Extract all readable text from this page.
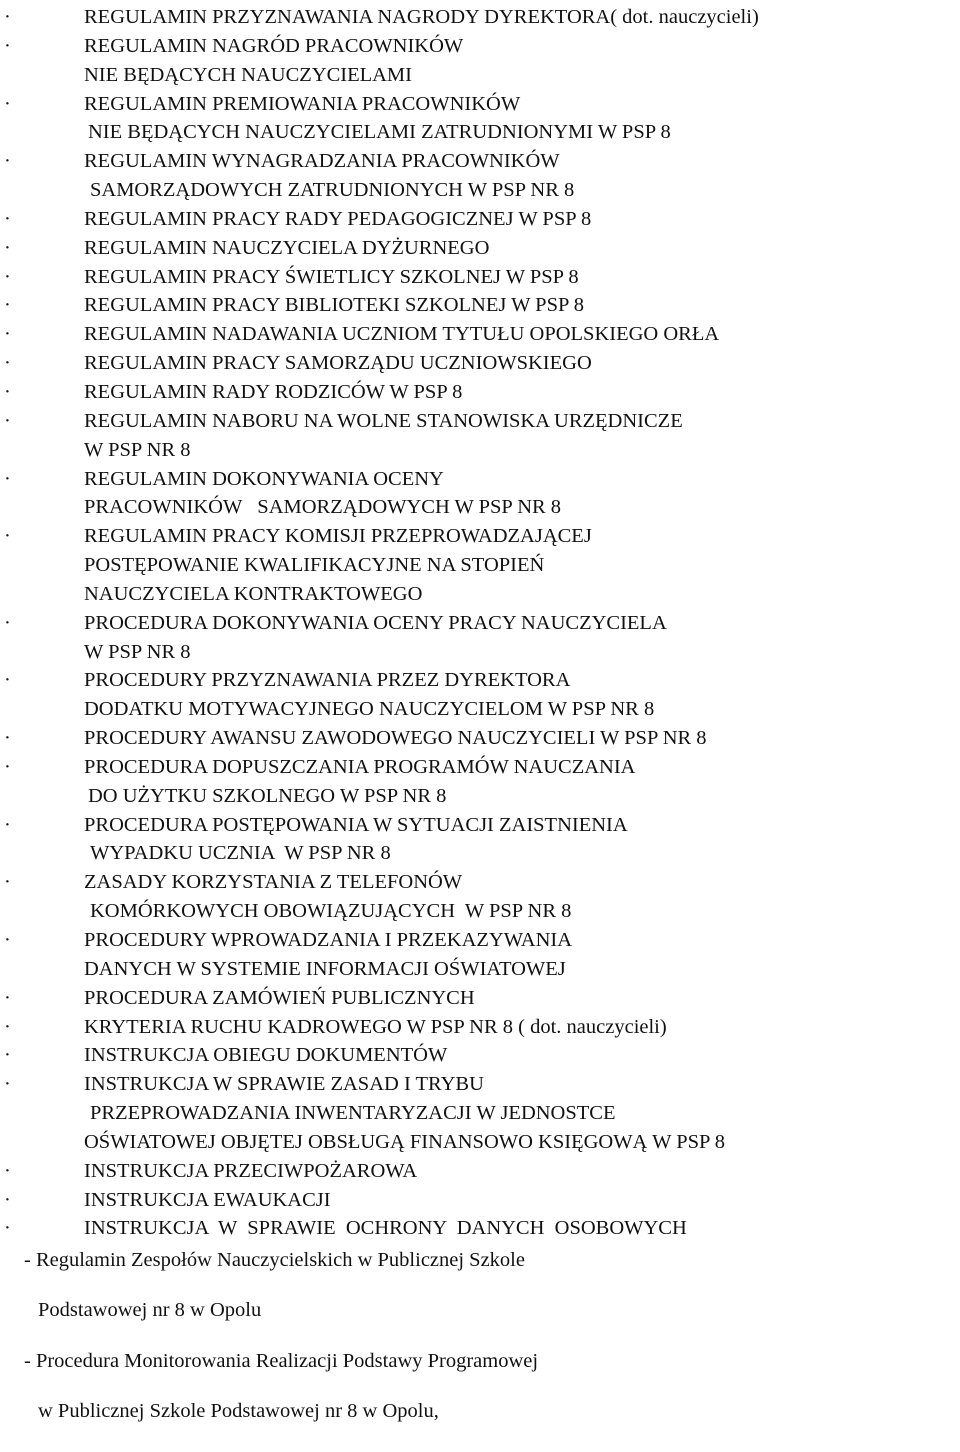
·
REGULAMIN PRZYZNAWANIA NAGRODY DYREKTORA( dot. nauczycieli)
·
REGULAMIN NAGRÓD PRACOWNIKÓW
NIE BĘDĄCYCH NAUCZYCIELAMI
·
REGULAMIN PREMIOWANIA PRACOWNIKÓW
NIE BĘDĄCYCH NAUCZYCIELAMI ZATRUDNIONYMI W PSP 8
·
REGULAMIN WYNAGRADZANIA PRACOWNIKÓW
SAMORZĄDOWYCH ZATRUDNIONYCH W PSP NR 8
·
REGULAMIN PRACY RADY PEDAGOGICZNEJ W PSP 8
·
REGULAMIN NAUCZYCIELA DYŻURNEGO
·
REGULAMIN PRACY ŚWIETLICY SZKOLNEJ W PSP 8
·
REGULAMIN PRACY BIBLIOTEKI SZKOLNEJ W PSP 8
·
REGULAMIN NADAWANIA UCZNIOM TYTUŁU OPOLSKIEGO ORŁA
·
REGULAMIN PRACY SAMORZĄDU UCZNIOWSKIEGO
·
REGULAMIN RADY RODZICÓW W PSP 8
·
REGULAMIN NABORU NA WOLNE STANOWISKA URZĘDNICZE
W PSP NR 8
·
REGULAMIN DOKONYWANIA OCENY
PRACOWNIKÓW   SAMORZĄDOWYCH W PSP NR 8
·
REGULAMIN PRACY KOMISJI PRZEPROWADZAJĄCEJ
POSTĘPOWANIE KWALIFIKACYJNE NA STOPIEŃ
NAUCZYCIELA KONTRAKTOWEGO
·
PROCEDURA DOKONYWANIA OCENY PRACY NAUCZYCIELA
W PSP NR 8
·
PROCEDURY PRZYZNAWANIA PRZEZ DYREKTORA
DODATKU MOTYWACYJNEGO NAUCZYCIELOM W PSP NR 8
·
PROCEDURY AWANSU ZAWODOWEGO NAUCZYCIELI W PSP NR 8
·
PROCEDURA DOPUSZCZANIA PROGRAMÓW NAUCZANIA
DO UŻYTKU SZKOLNEGO W PSP NR 8
·
PROCEDURA POSTĘPOWANIA W SYTUACJI ZAISTNIENIA
WYPADKU UCZNIA  W PSP NR 8
·
ZASADY KORZYSTANIA Z TELEFONÓW
KOMÓRKOWYCH OBOWIĄZUJĄCYCH  W PSP NR 8
·
PROCEDURY WPROWADZANIA I PRZEKAZYWANIA
DANYCH W SYSTEMIE INFORMACJI OŚWIATOWEJ
·
PROCEDURA ZAMÓWIEŃ PUBLICZNYCH
·
KRYTERIA RUCHU KADROWEGO W PSP NR 8 ( dot. nauczycieli)
·
INSTRUKCJA OBIEGU DOKUMENTÓW
·
INSTRUKCJA W SPRAWIE ZASAD I TRYBU
PRZEPROWADZANIA INWENTARYZACJI W JEDNOSTCE
OŚWIATOWEJ OBJĘTEJ OBSŁUGĄ FINANSOWO KSIĘGOWĄ W PSP 8
·
INSTRUKCJA PRZECIWPOŻAROWA
·
INSTRUKCJA EWAUKACJI
·
INSTRUKCJA  W  SPRAWIE  OCHRONY  DANYCH  OSOBOWYCH
- Regulamin Zespołów Nauczycielskich w Publicznej Szkole
Podstawowej nr 8 w Opolu
- Procedura Monitorowania Realizacji Podstawy Programowej
w Publicznej Szkole Podstawowej nr 8 w Opolu,
